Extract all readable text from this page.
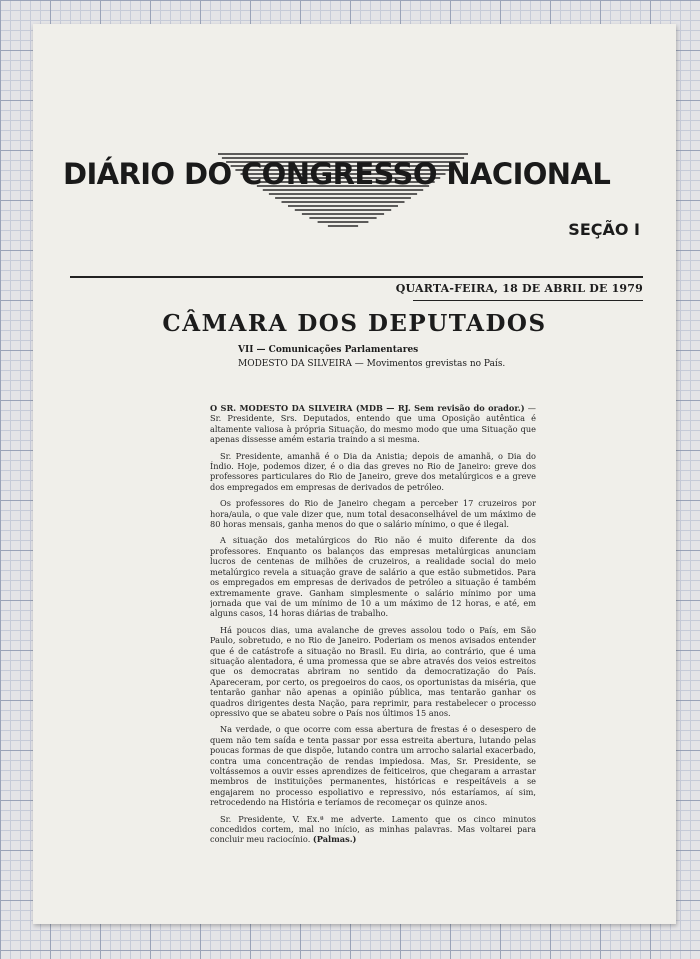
DIÁRIO DO CONGRESSO NACIONAL
SEÇÃO I
QUARTA-FEIRA, 18 DE ABRIL DE 1979
CÂMARA DOS DEPUTADOS
VII — Comunicações Parlamentares
MODESTO DA SILVEIRA — Movimentos grevistas no País.

O SR. MODESTO DA SILVEIRA (MDB — RJ. Sem revisão do orador.) — Sr. Presidente, Srs. Deputados, entendo que uma Oposição autêntica é altamente valiosa à própria Situação, do mesmo modo que uma Situação que apenas dissesse amém estaria traindo a si mesma.

Sr. Presidente, amanhã é o Dia da Anistia; depois de amanhã, o Dia do Índio. Hoje, podemos dizer, é o dia das greves no Rio de Janeiro: greve dos professores particulares do Rio de Janeiro, greve dos metalúrgicos e a greve dos empregados em empresas de derivados de petróleo.

Os professores do Rio de Janeiro chegam a perceber 17 cruzeiros por hora/aula, o que vale dizer que, num total desaconselhável de um máximo de 80 horas mensais, ganha menos do que o salário mínimo, o que é ilegal.

A situação dos metalúrgicos do Rio não é muito diferente da dos professores. Enquanto os balanços das empresas metalúrgicas anunciam lucros de centenas de milhões de cruzeiros, a realidade social do meio metalúrgico revela a situação grave de salário a que estão submetidos. Para os empregados em empresas de derivados de petróleo a situação é também extremamente grave. Ganham simplesmente o salário mínimo por uma jornada que vai de um mínimo de 10 a um máximo de 12 horas, e até, em alguns casos, 14 horas diárias de trabalho.

Há poucos dias, uma avalanche de greves assolou todo o País, em São Paulo, sobretudo, e no Rio de Janeiro. Poderiam os menos avisados entender que é de catástrofe a situação no Brasil. Eu diria, ao contrário, que é uma situação alentadora, é uma promessa que se abre através dos veios estreitos que os democratas abriram no sentido da democratização do País. Apareceram, por certo, os pregoeiros do caos, os oportunistas da miséria, que tentarão ganhar não apenas a opinião pública, mas tentarão ganhar os quadros dirigentes desta Nação, para reprimir, para restabelecer o processo opressivo que se abateu sobre o País nos últimos 15 anos.

Na verdade, o que ocorre com essa abertura de frestas é o desespero de quem não tem saída e tenta passar por essa estreita abertura, lutando pelas poucas formas de que dispõe, lutando contra um arrocho salarial exacerbado, contra uma concentração de rendas impiedosa. Mas, Sr. Presidente, se voltássemos a ouvir esses aprendizes de feiticeiros, que chegaram a arrastar membros de instituições permanentes, históricas e respeitáveis a se engajarem no processo espoliativo e repressivo, nós estaríamos, aí sim, retrocedendo na História e teríamos de recomeçar os quinze anos.

Sr. Presidente, V. Ex.ª me adverte. Lamento que os cinco minutos concedidos cortem, mal no início, as minhas palavras. Mas voltarei para concluir meu raciocínio. (Palmas.)
